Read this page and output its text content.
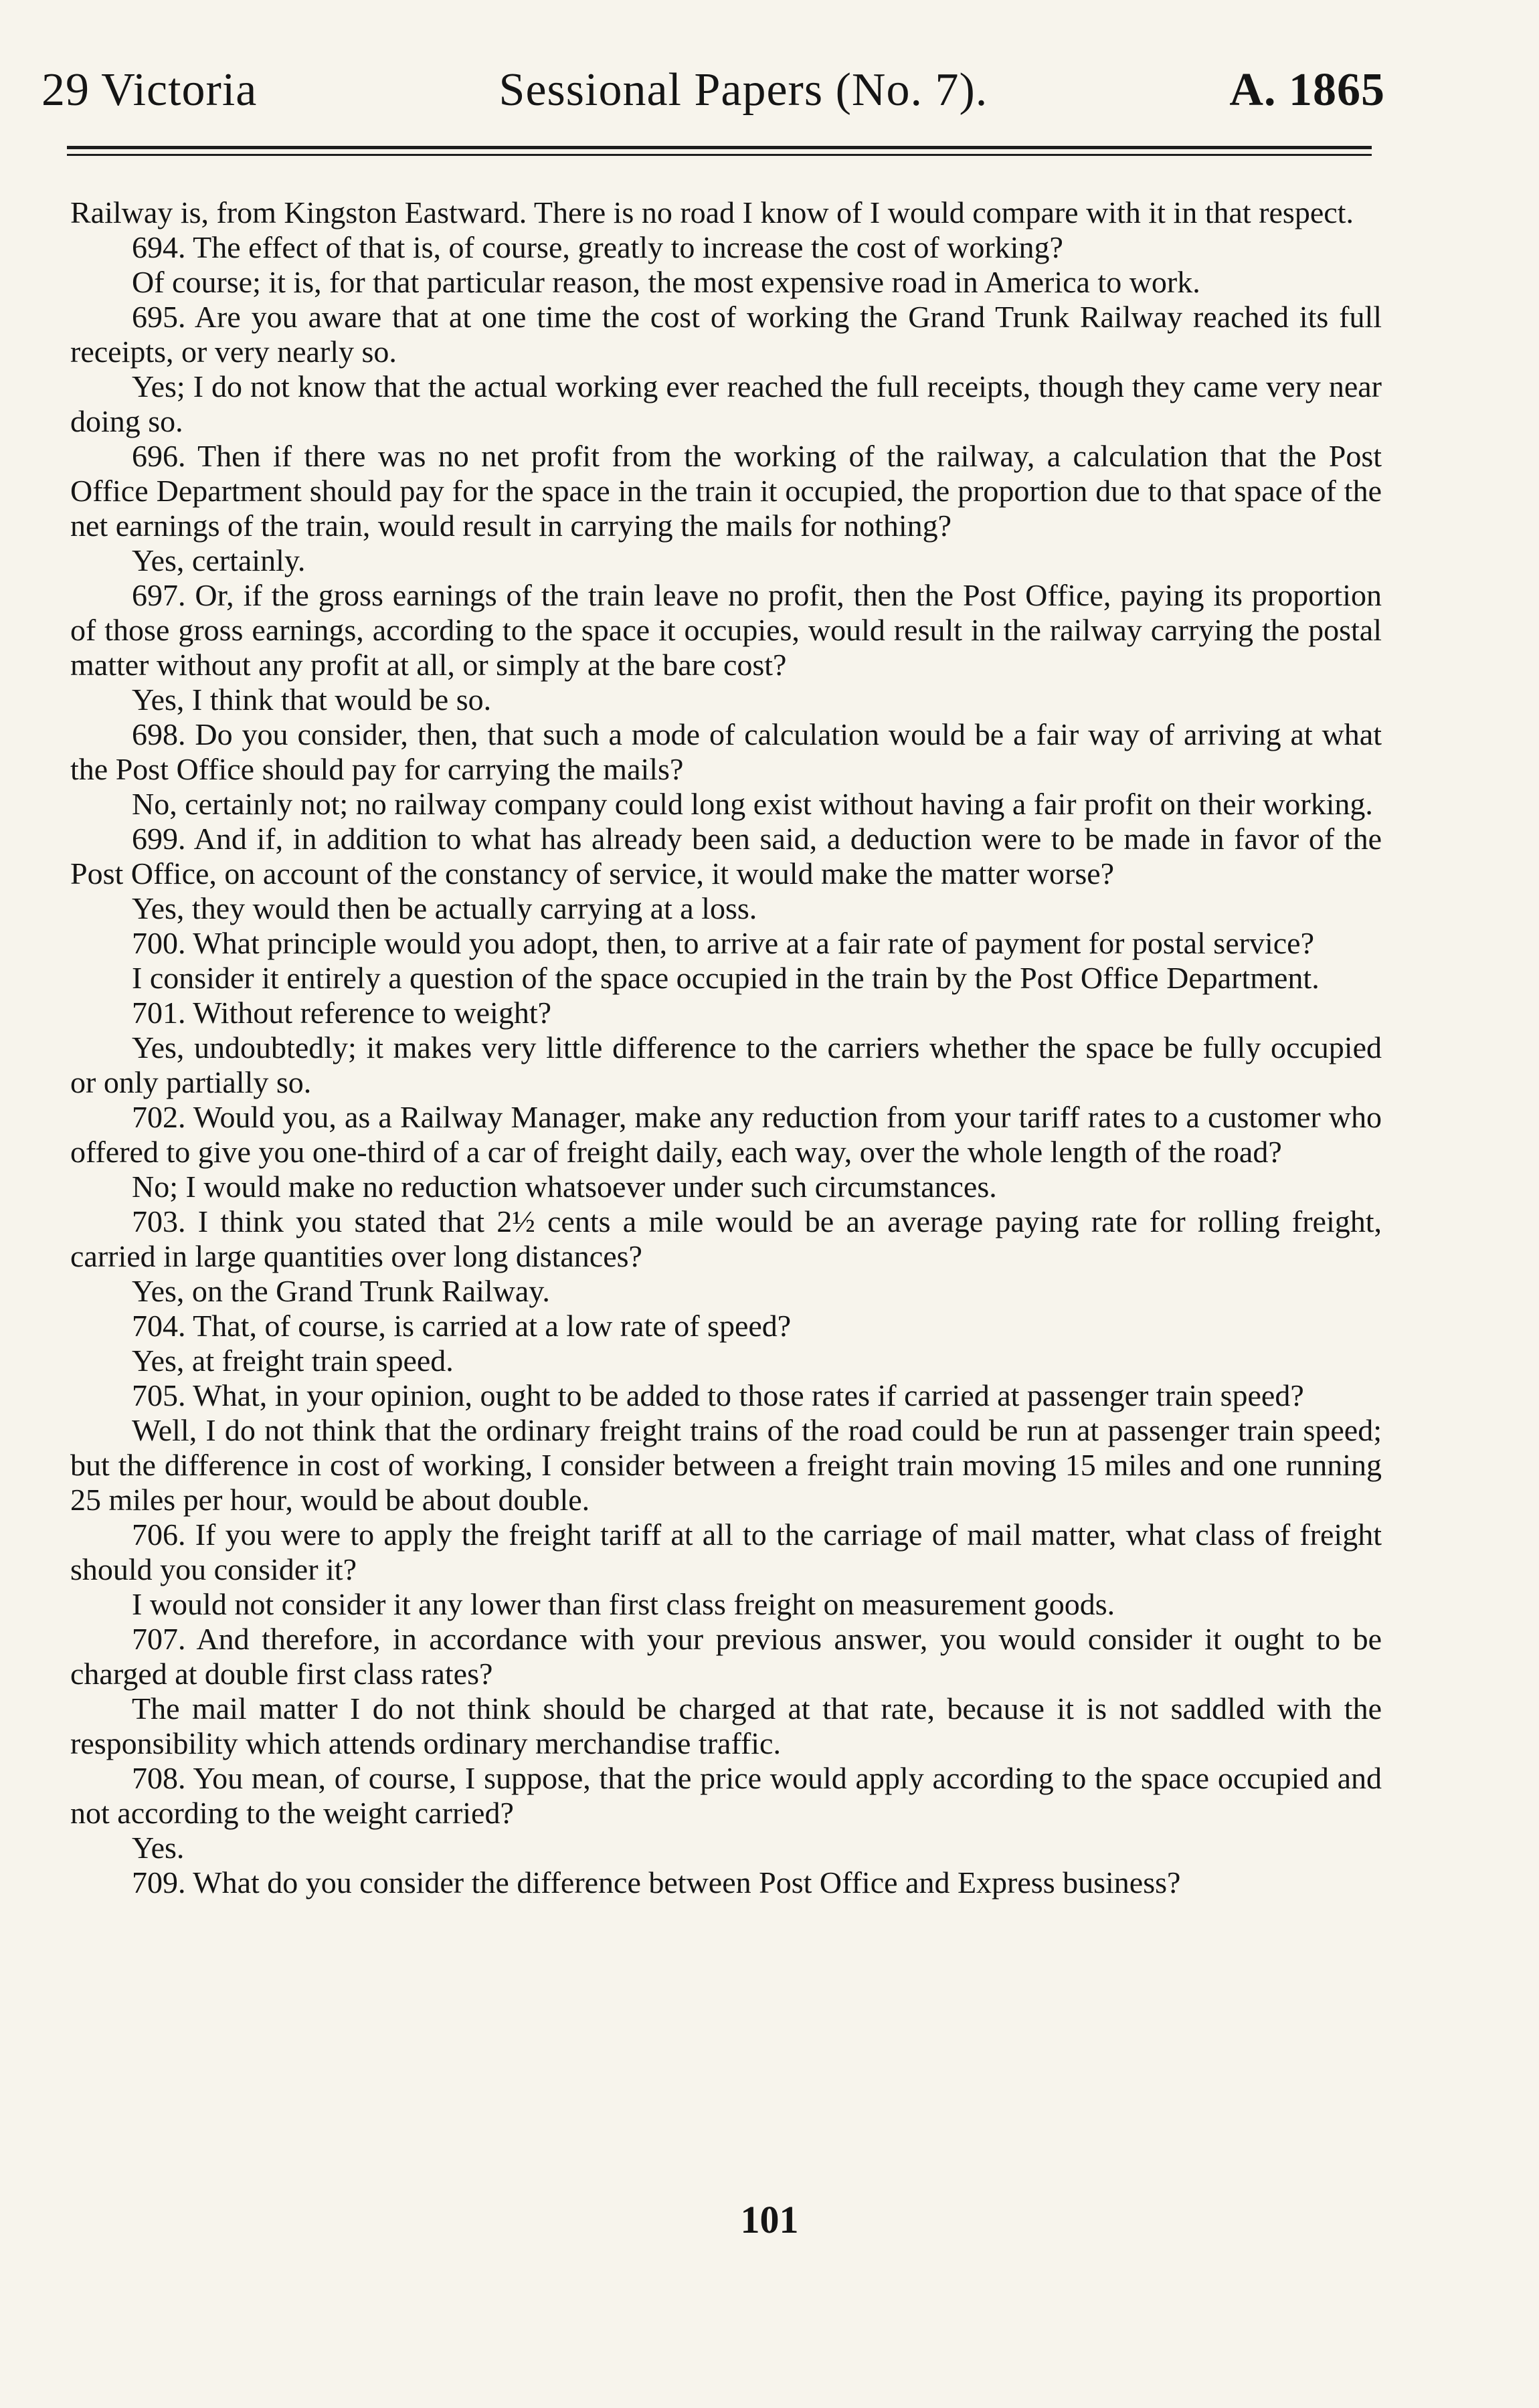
29 Victoria	Sessional Papers (No. 7).	A. 1865

Railway is, from Kingston Eastward. There is no road I know of I would compare with it in that respect.

694. The effect of that is, of course, greatly to increase the cost of working?

Of course; it is, for that particular reason, the most expensive road in America to work.

695. Are you aware that at one time the cost of working the Grand Trunk Railway reached its full receipts, or very nearly so.

Yes; I do not know that the actual working ever reached the full receipts, though they came very near doing so.

696. Then if there was no net profit from the working of the railway, a calculation that the Post Office Department should pay for the space in the train it occupied, the proportion due to that space of the net earnings of the train, would result in carrying the mails for nothing?

Yes, certainly.

697. Or, if the gross earnings of the train leave no profit, then the Post Office, paying its proportion of those gross earnings, according to the space it occupies, would result in the railway carrying the postal matter without any profit at all, or simply at the bare cost?

Yes, I think that would be so.

698. Do you consider, then, that such a mode of calculation would be a fair way of arriving at what the Post Office should pay for carrying the mails?

No, certainly not; no railway company could long exist without having a fair profit on their working.

699. And if, in addition to what has already been said, a deduction were to be made in favor of the Post Office, on account of the constancy of service, it would make the matter worse?

Yes, they would then be actually carrying at a loss.

700. What principle would you adopt, then, to arrive at a fair rate of payment for postal service?

I consider it entirely a question of the space occupied in the train by the Post Office Department.

701. Without reference to weight?

Yes, undoubtedly; it makes very little difference to the carriers whether the space be fully occupied or only partially so.

702. Would you, as a Railway Manager, make any reduction from your tariff rates to a customer who offered to give you one-third of a car of freight daily, each way, over the whole length of the road?

No; I would make no reduction whatsoever under such circumstances.

703. I think you stated that 2½ cents a mile would be an average paying rate for rolling freight, carried in large quantities over long distances?

Yes, on the Grand Trunk Railway.

704. That, of course, is carried at a low rate of speed?

Yes, at freight train speed.

705. What, in your opinion, ought to be added to those rates if carried at passenger train speed?

Well, I do not think that the ordinary freight trains of the road could be run at passenger train speed; but the difference in cost of working, I consider between a freight train moving 15 miles and one running 25 miles per hour, would be about double.

706. If you were to apply the freight tariff at all to the carriage of mail matter, what class of freight should you consider it?

I would not consider it any lower than first class freight on measurement goods.

707. And therefore, in accordance with your previous answer, you would consider it ought to be charged at double first class rates?

The mail matter I do not think should be charged at that rate, because it is not saddled with the responsibility which attends ordinary merchandise traffic.

708. You mean, of course, I suppose, that the price would apply according to the space occupied and not according to the weight carried?

Yes.

709. What do you consider the difference between Post Office and Express business?

101
